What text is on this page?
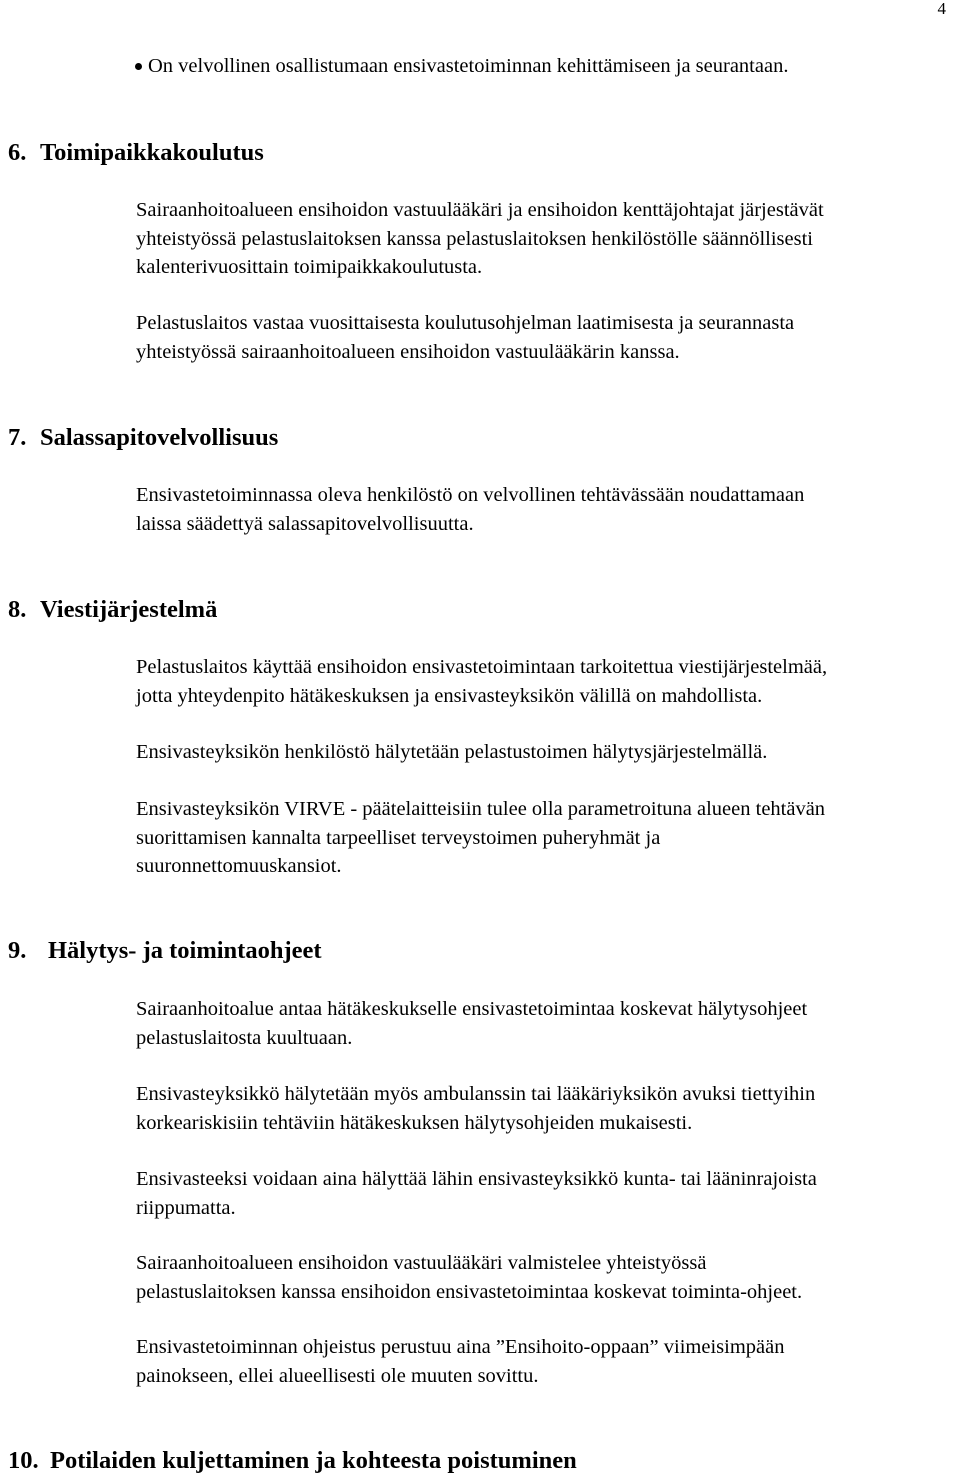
4
On velvollinen osallistumaan ensivastetoiminnan kehittämiseen ja seurantaan.
6. Toimipaikkakoulutus
Sairaanhoitoalueen ensihoidon vastuulääkäri ja ensihoidon kenttäjohtajat järjestävät
yhteistyössä pelastuslaitoksen kanssa pelastuslaitoksen henkilöstölle säännöllisesti
kalenterivuosittain toimipaikkakoulutusta.
Pelastuslaitos vastaa vuosittaisesta koulutusohjelman laatimisesta ja seurannasta
yhteistyössä sairaanhoitoalueen ensihoidon vastuulääkärin kanssa.
7. Salassapitovelvollisuus
Ensivastetoiminnassa oleva henkilöstö on velvollinen tehtävässään noudattamaan
laissa säädettyä salassapitovelvollisuutta.
8. Viestijärjestelmä
Pelastuslaitos käyttää ensihoidon ensivastetoimintaan tarkoitettua viestijärjestelmää,
jotta yhteydenpito hätäkeskuksen ja ensivasteyksikön välillä on mahdollista.
Ensivasteyksikön henkilöstö hälytetään pelastustoimen hälytysjärjestelmällä.
Ensivasteyksikön VIRVE - päätelaitteisiin tulee olla parametroituna alueen tehtävän
suorittamisen kannalta tarpeelliset terveystoimen puheryhmät ja
suuronnettomuuskansiot.
9. Hälytys- ja toimintaohjeet
Sairaanhoitoalue antaa hätäkeskukselle ensivastetoimintaa koskevat hälytysohjeet
pelastuslaitosta kuultuaan.
Ensivasteyksikkö hälytetään myös ambulanssin tai lääkäriyksikön avuksi tiettyihin
korkeariskisiin tehtäviin hätäkeskuksen hälytysohjeiden mukaisesti.
Ensivasteeksi voidaan aina hälyttää lähin ensivasteyksikkö kunta- tai lääninrajoista
riippumatta.
Sairaanhoitoalueen ensihoidon vastuulääkäri valmistelee yhteistyössä
pelastuslaitoksen kanssa ensihoidon ensivastetoimintaa koskevat toiminta-ohjeet.
Ensivastetoiminnan ohjeistus perustuu aina ”Ensihoito-oppaan” viimeisimpään
painokseen, ellei alueellisesti ole muuten sovittu.
10. Potilaiden kuljettaminen ja kohteesta poistuminen
